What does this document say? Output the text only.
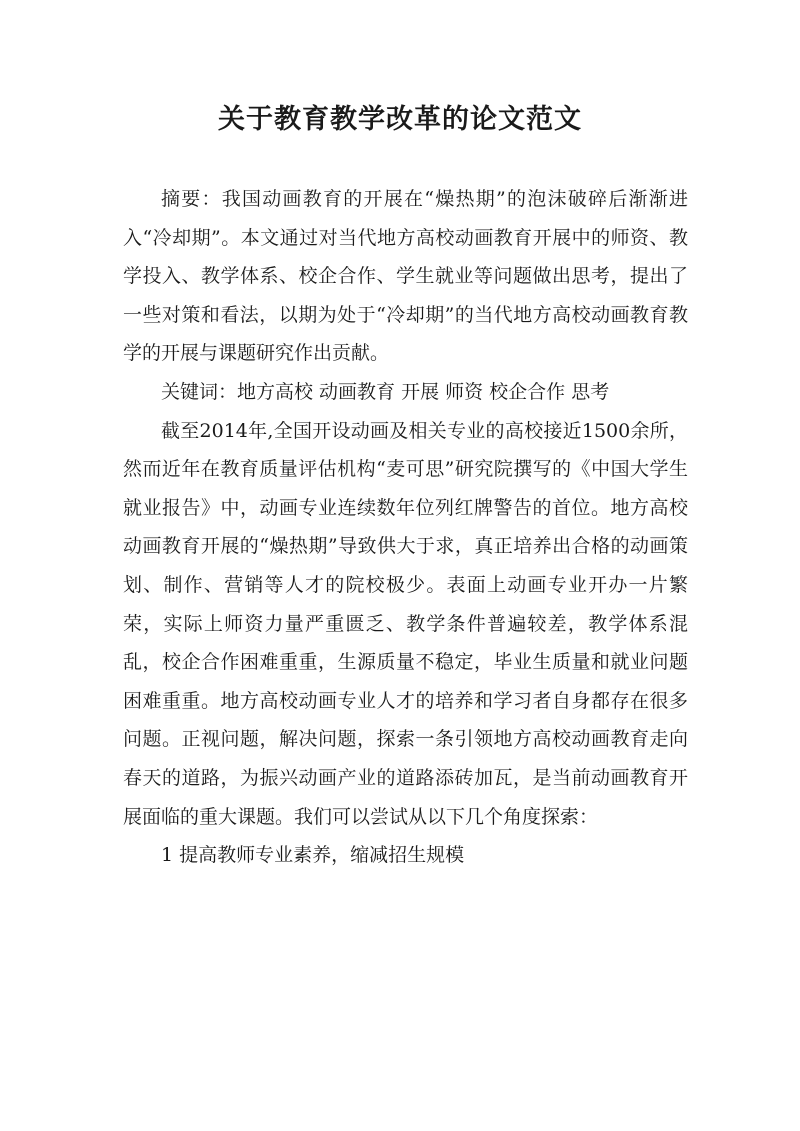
关于教育教学改革的论文范文

摘要：我国动画教育的开展在“燥热期”的泡沫破碎后渐渐进入“冷却期”。本文通过对当代地方高校动画教育开展中的师资、教学投入、教学体系、校企合作、学生就业等问题做出思考，提出了一些对策和看法，以期为处于“冷却期”的当代地方高校动画教育教学的开展与课题研究作出贡献。

关键词：地方高校 动画教育 开展 师资 校企合作 思考

截至2014年,全国开设动画及相关专业的高校接近1500余所，然而近年在教育质量评估机构“麦可思”研究院撰写的《中国大学生就业报告》中，动画专业连续数年位列红牌警告的首位。地方高校动画教育开展的“燥热期”导致供大于求，真正培养出合格的动画策划、制作、营销等人才的院校极少。表面上动画专业开办一片繁荣，实际上师资力量严重匮乏、教学条件普遍较差，教学体系混乱，校企合作困难重重，生源质量不稳定，毕业生质量和就业问题困难重重。地方高校动画专业人才的培养和学习者自身都存在很多问题。正视问题，解决问题，探索一条引领地方高校动画教育走向春天的道路，为振兴动画产业的道路添砖加瓦，是当前动画教育开展面临的重大课题。我们可以尝试从以下几个角度探索：

1 提高教师专业素养，缩减招生规模
